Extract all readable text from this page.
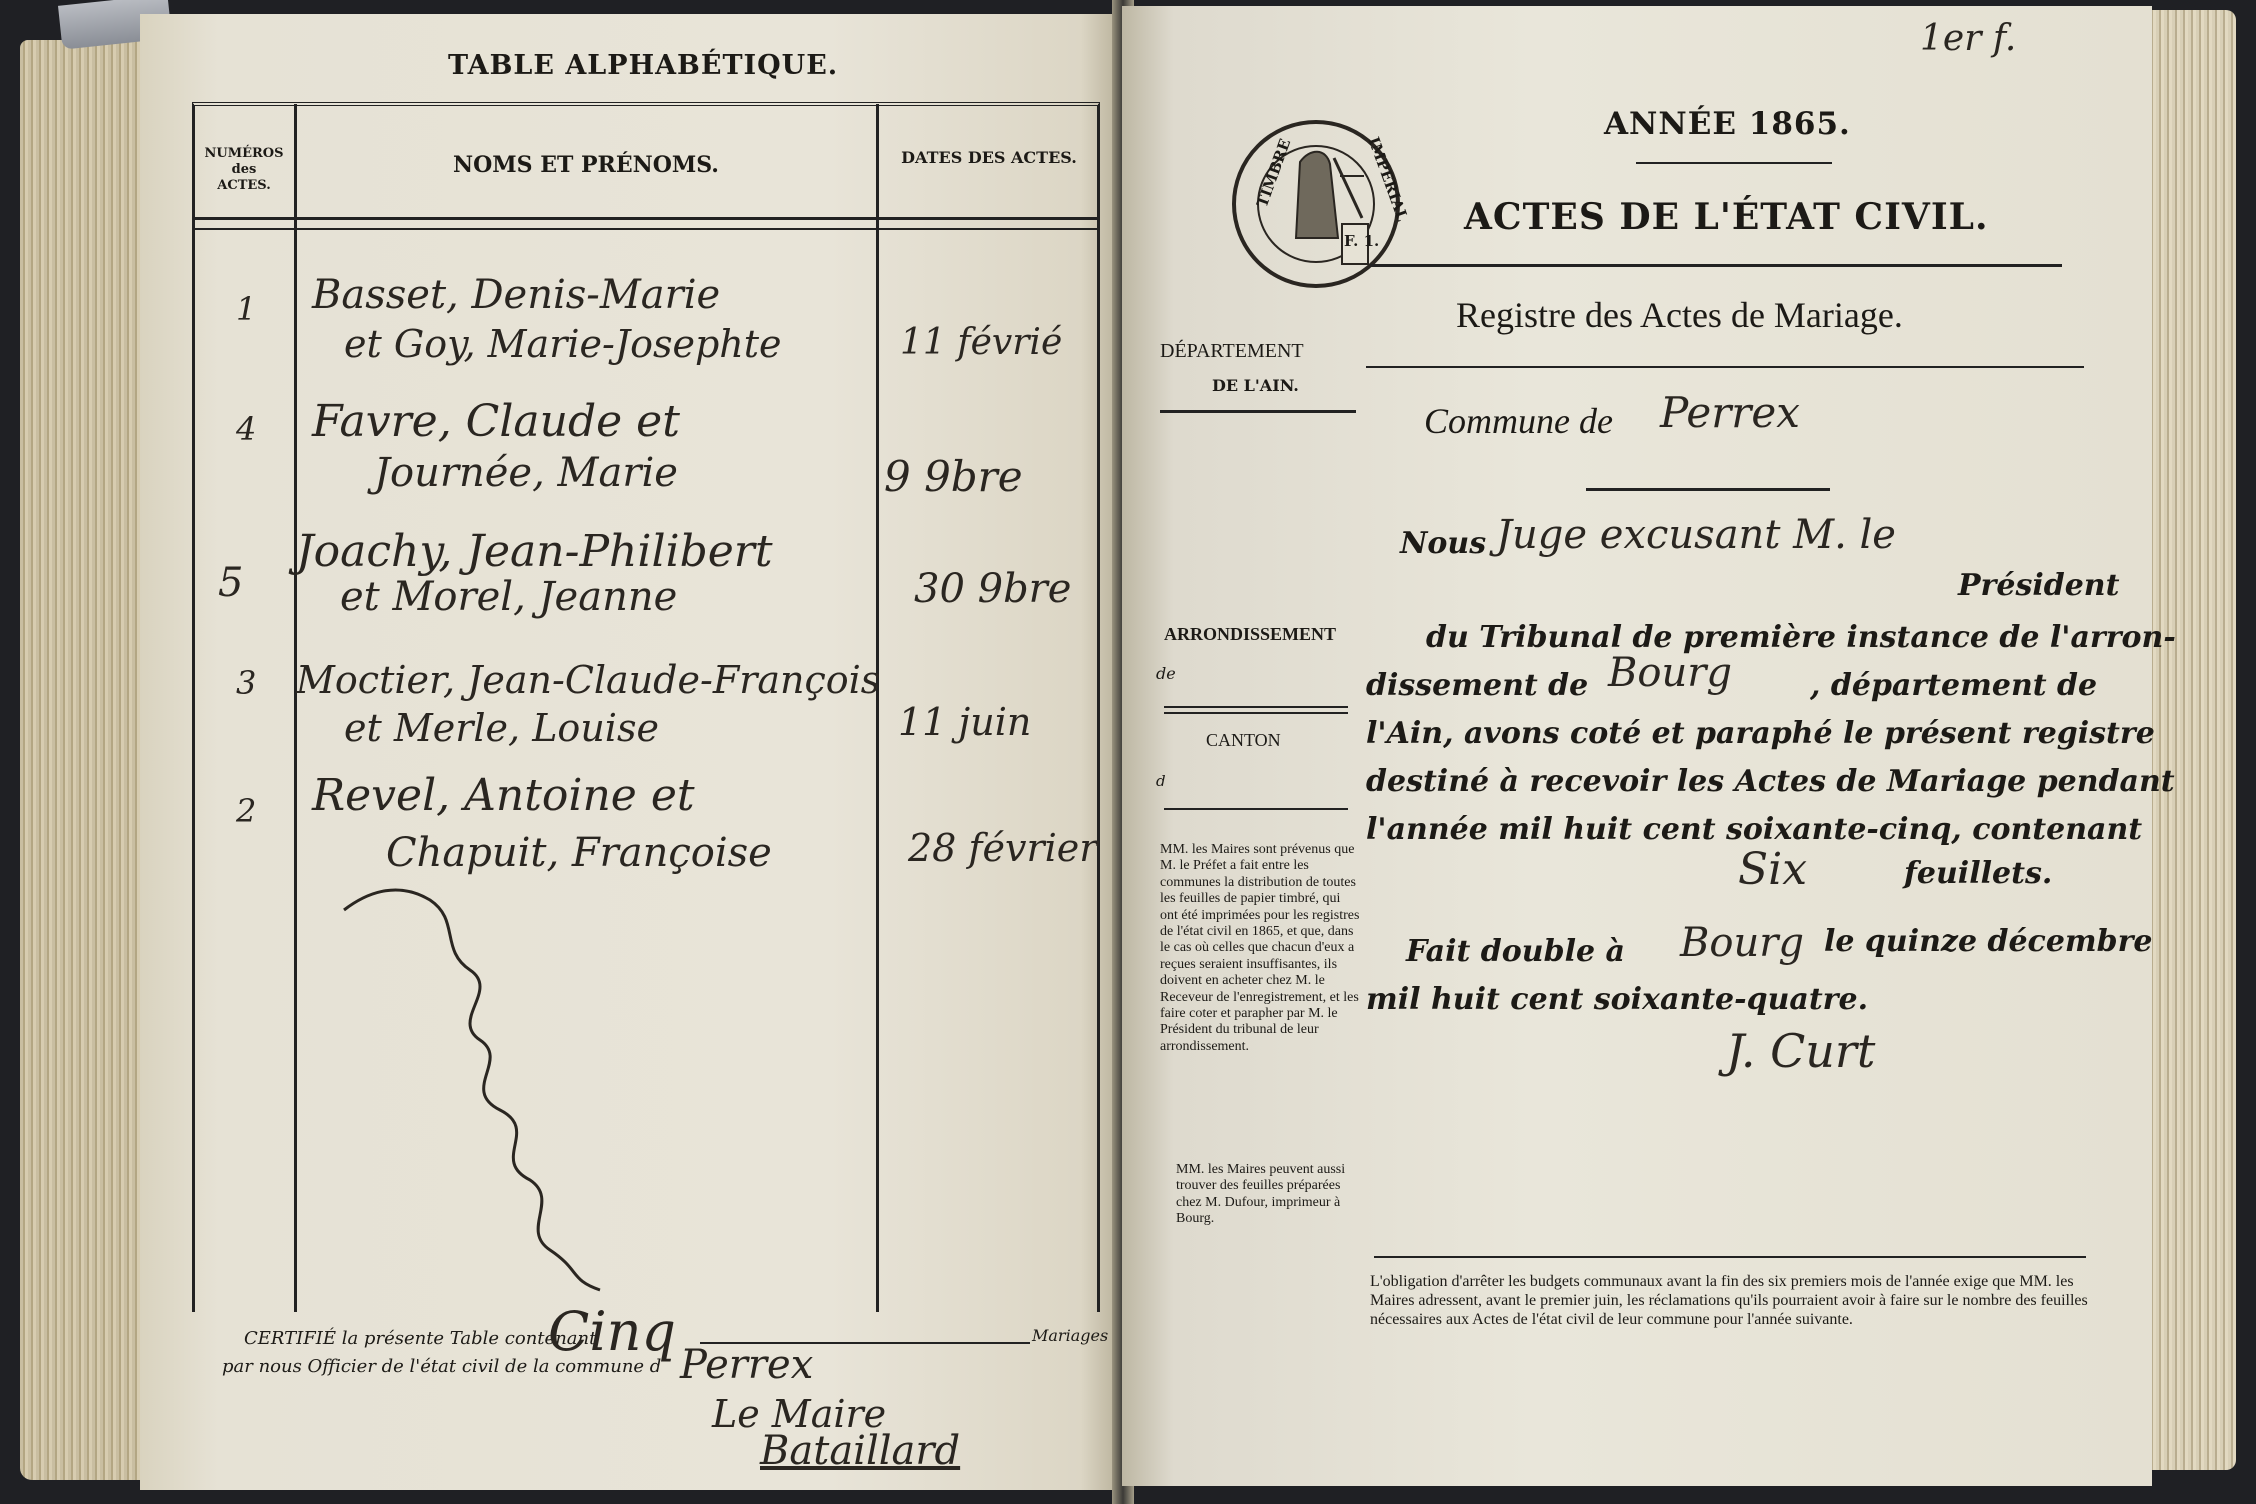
TABLE ALPHABÉTIQUE.
NUMÉROS
des
ACTES.
NOMS ET PRÉNOMS.	DATES DES ACTES.
1 Basset, Denis-Marie
et Goy, Marie-Josephte	11 févrié
4 Favre, Claude et
Journée, Marie	9 9bre
5
Joachy, Jean-Philibert
et Morel, Jeanne	30 9bre
3 Moctier, Jean-Claude-François
et Merle, Louise	11 juin
2 Revel, Antoine et
Chapuit, Françoise	28 février
CERTIFIÉ la présente Table contenant
Cinq	Mariages
par nous Officier de l'état civil de la commune d Perrex
Le Maire
Bataillard
1er f.
ANNÉE 1865.
ACTES DE L'ÉTAT CIVIL.
TIMBRE	IMPERIAL
F. 1.
Registre des Actes de Mariage.
DÉPARTEMENT
DE L'AIN.
ARRONDISSEMENT
de
CANTON
d
MM. les Maires sont prévenus que M. le Préfet a fait entre les communes la distribution de toutes les feuilles de papier timbré, qui ont été imprimées pour les registres de l'état civil en 1865, et que, dans le cas où celles que chacun d'eux a reçues seraient insuffisantes, ils doivent en acheter chez M. le Receveur de l'enregistrement, et les faire coter et parapher par M. le Président du tribunal de leur arrondissement.
MM. les Maires peuvent aussi trouver des feuilles préparées chez M. Dufour, imprimeur à Bourg.
Commune de Perrex
Nous Juge excusant M. le
Président
du Tribunal de première instance de l'arron-
dissement de Bourg	, département de
l'Ain, avons coté et paraphé le présent registre
destiné à recevoir les Actes de Mariage pendant
l'année mil huit cent soixante-cinq, contenant
Six	feuillets.
Fait double à Bourg le quinze décembre
mil huit cent soixante-quatre.
J. Curt
L'obligation d'arrêter les budgets communaux avant la fin des six premiers mois de l'année exige que MM. les Maires adressent, avant le premier juin, les réclamations qu'ils pourraient avoir à faire sur le nombre des feuilles nécessaires aux Actes de l'état civil de leur commune pour l'année suivante.
